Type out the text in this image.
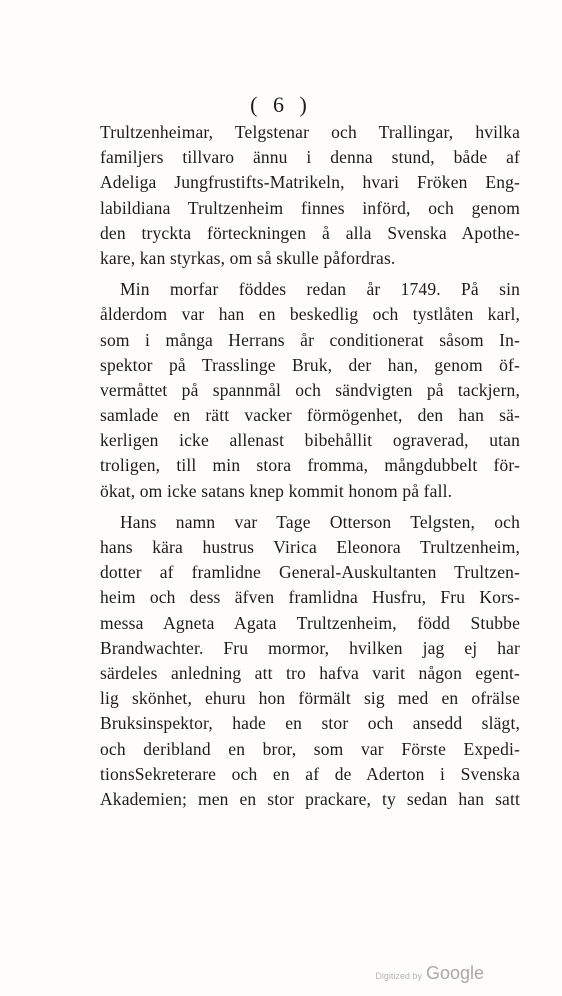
( 6 )
Trultzenheimar, Telgstenar och Trallingar, hvilka
familjers tillvaro ännu i denna stund, både af
Adeliga Jungfrustifts-Matrikeln, hvari Fröken Eng-
labildiana Trultzenheim finnes införd, och genom
den tryckta förteckningen å alla Svenska Apothe-
kare, kan styrkas, om så skulle påfordras.
Min morfar föddes redan år 1749. På sin
ålderdom var han en beskedlig och tystlåten karl,
som i många Herrans år conditionerat såsom In-
spektor på Trasslinge Bruk, der han, genom öf-
vermåttet på spannmål och sändvigten på tackjern,
samlade en rätt vacker förmögenhet, den han sä-
kerligen icke allenast bibehållit ograverad, utan
troligen, till min stora fromma, mångdubbelt för-
ökat, om icke satans knep kommit honom på fall.
Hans namn var Tage Otterson Telgsten, och
hans kära hustrus Virica Eleonora Trultzenheim,
dotter af framlidne General-Auskultanten Trultzen-
heim och dess äfven framlidna Husfru, Fru Kors-
messa Agneta Agata Trultzenheim, född Stubbe
Brandwachter. Fru mormor, hvilken jag ej har
särdeles anledning att tro hafva varit någon egent-
lig skönhet, ehuru hon förmält sig med en ofrälse
Bruksinspektor, hade en stor och ansedd slägt,
och deribland en bror, som var Förste Expedi-
tionsSekreterare och en af de Aderton i Svenska
Akademien; men en stor prackare, ty sedan han satt
Digitized by Google
